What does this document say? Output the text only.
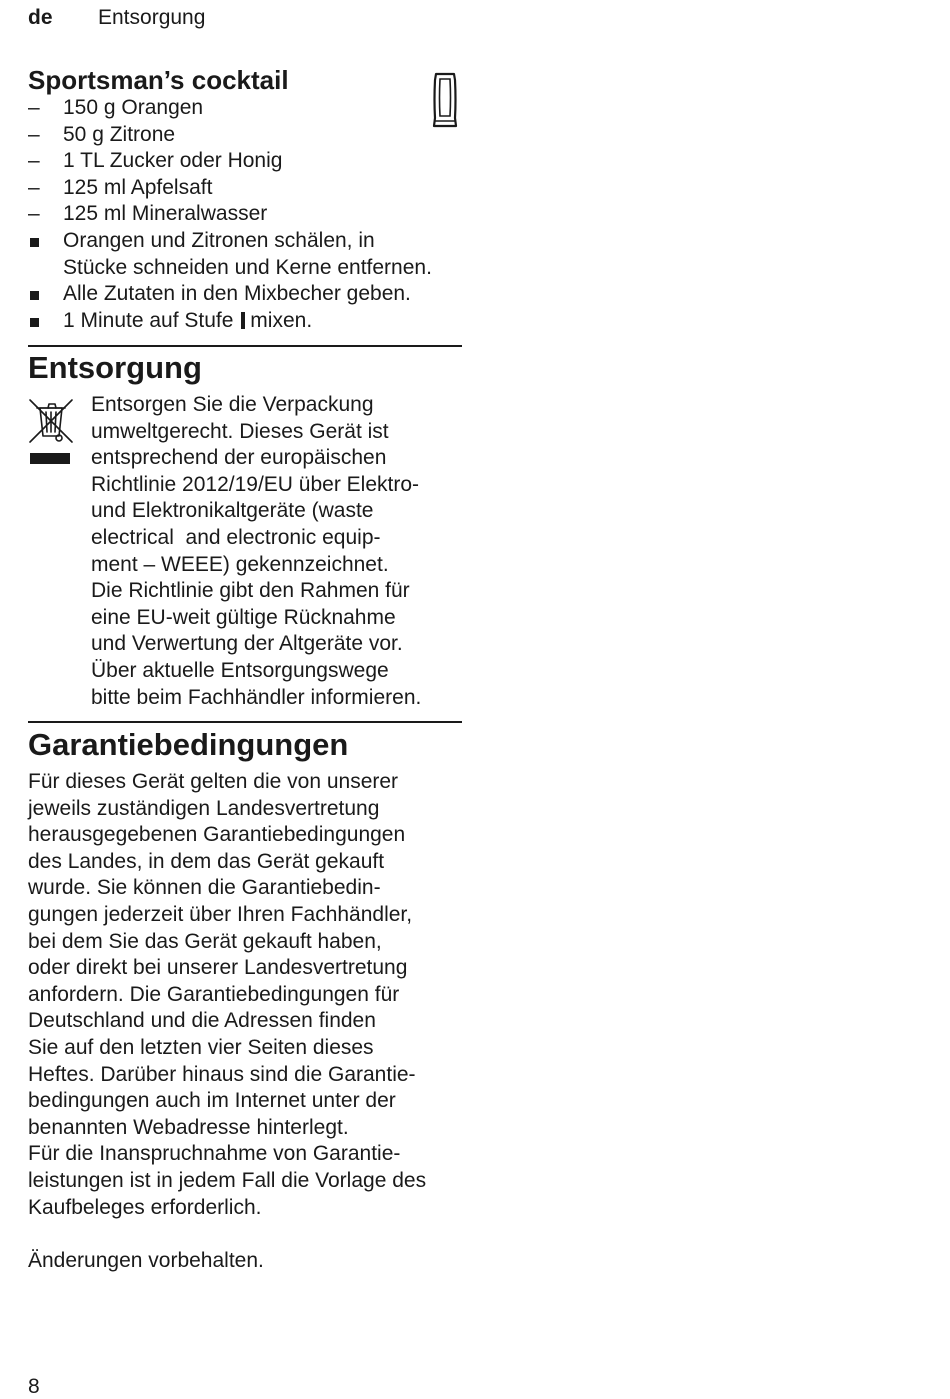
de Entsorgung
Sportsman’s cocktail
– 150 g Orangen
– 50 g Zitrone
– 1 TL Zucker oder Honig
– 125 ml Apfelsaft
– 125 ml Mineralwasser
Orangen und Zitronen schälen, in
Stücke schneiden und Kerne entfernen.
Alle Zutaten in den Mixbecher geben.
1 Minute auf Stufe mixen.
Entsorgung
Entsorgen Sie die Verpackung
umweltgerecht. Dieses Gerät ist
entsprechend der europäischen
Richtlinie 2012/19/EU über Elektro-
und Elektronikaltgeräte (waste
electrical  and electronic equip-
ment – WEEE) gekennzeichnet.
Die Richtlinie gibt den Rahmen für
eine EU-weit gültige Rücknahme
und Verwertung der Altgeräte vor.
Über aktuelle Entsorgungswege
bitte beim Fachhändler informieren.
Garantiebedingungen
Für dieses Gerät gelten die von unserer
jeweils zuständigen Landesvertretung
herausgegebenen Garantiebedingungen
des Landes, in dem das Gerät gekauft
wurde. Sie können die Garantiebedin-
gungen jederzeit über Ihren Fachhändler,
bei dem Sie das Gerät gekauft haben,
oder direkt bei unserer Landesvertretung
anfordern. Die Garantiebedingungen für
Deutschland und die Adressen finden
Sie auf den letzten vier Seiten dieses
Heftes. Darüber hinaus sind die Garantie-
bedingungen auch im Internet unter der
benannten Webadresse hinterlegt.
Für die Inanspruchnahme von Garantie-
leistungen ist in jedem Fall die Vorlage des
Kaufbeleges erforderlich.

Änderungen vorbehalten.

8
